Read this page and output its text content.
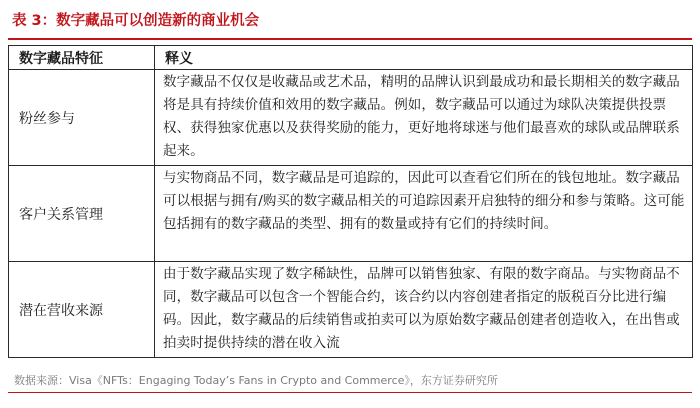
表 3：数字藏品可以创造新的商业机会
数字藏品特征	释义
粉丝参与	数字藏品不仅仅是收藏品或艺术品，精明的品牌认识到最成功和最长期相关的数字藏品将是具有持续价值和效用的数字藏品。例如，数字藏品可以通过为球队决策提供投票权、获得独家优惠以及获得奖励的能力，更好地将球迷与他们最喜欢的球队或品牌联系起来。
客户关系管理	与实物商品不同，数字藏品是可追踪的，因此可以查看它们所在的钱包地址。数字藏品可以根据与拥有/购买的数字藏品相关的可追踪因素开启独特的细分和参与策略。这可能包括拥有的数字藏品的类型、拥有的数量或持有它们的持续时间。
潜在营收来源	由于数字藏品实现了数字稀缺性，品牌可以销售独家、有限的数字商品。与实物商品不同，数字藏品可以包含一个智能合约，该合约以内容创建者指定的版税百分比进行编码。因此，数字藏品的后续销售或拍卖可以为原始数字藏品创建者创造收入，在出售或拍卖时提供持续的潜在收入流
数据来源：Visa《NFTs：Engaging Today’s Fans in Crypto and Commerce》，东方证券研究所
